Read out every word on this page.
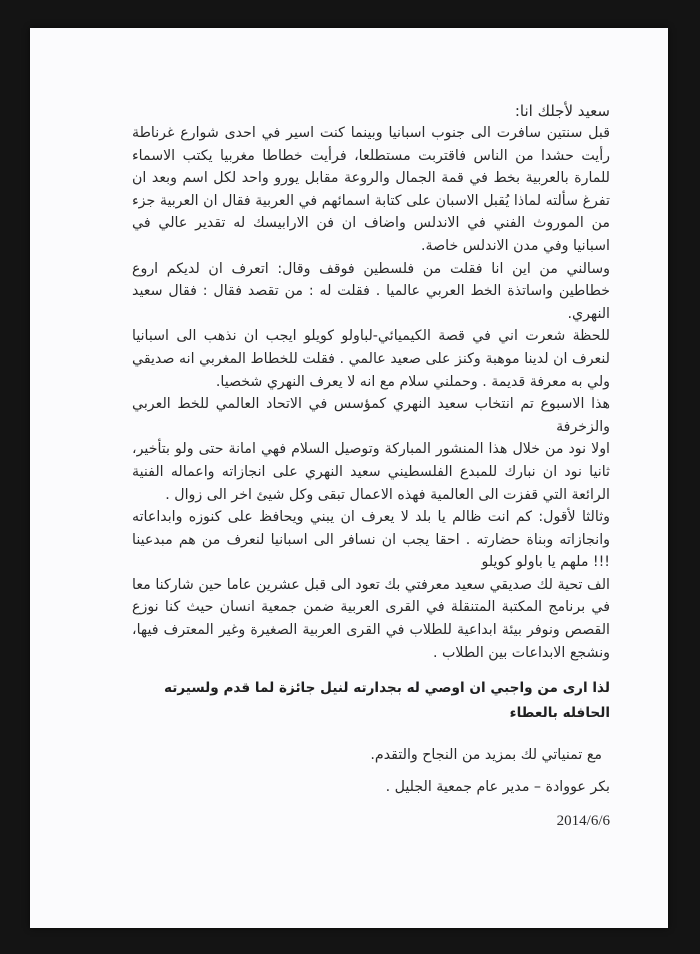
سعيد لأجلك انا:

قبل سنتين سافرت الى جنوب اسبانيا وبينما كنت اسير في احدى شوارع غرناطة رأيت حشدا من الناس فاقتربت مستطلعا، فرأيت خطاطا مغربيا يكتب الاسماء للمارة بالعربية بخط في قمة الجمال والروعة مقابل يورو واحد لكل اسم وبعد ان تفرغ سألته لماذا يُقبل الاسبان على كتابة اسمائهم في العربية فقال ان العربية جزء من الموروث الفني في الاندلس واضاف ان فن الارابيسك له تقدير عالي في اسبانيا وفي مدن الاندلس خاصة.

وسالني من اين انا فقلت من فلسطين فوقف وقال: اتعرف ان لديكم اروع خطاطين واساتذة الخط العربي عالميا . فقلت له : من تقصد فقال : فقال سعيد النهري.

للحظة شعرت اني في قصة الكيميائي-لباولو كويلو ايجب ان نذهب الى اسبانيا لنعرف ان لدينا موهبة وكنز على صعيد عالمي . فقلت للخطاط المغربي انه صديقي ولي به معرفة قديمة . وحملني سلام مع انه لا يعرف النهري شخصيا.

هذا الاسبوع تم انتخاب سعيد النهري كمؤسس في الاتحاد العالمي للخط العربي والزخرفة

اولا نود من خلال هذا المنشور المباركة وتوصيل السلام فهي امانة حتى ولو بتأخير، ثانيا نود ان نبارك للمبدع الفلسطيني سعيد النهري على انجازاته واعماله الفنية الرائعة التي قفزت الى العالمية فهذه الاعمال تبقى وكل شيئ اخر الى زوال .

وثالثا لأقول: كم انت ظالم يا بلد لا يعرف ان يبني ويحافظ على كنوزه وابداعاته وانجازاته وبناة حضارته . احقا يجب ان نسافر الى اسبانيا لنعرف من هم مبدعينا !!! ملهم يا باولو كويلو

الف تحية لك صديقي سعيد معرفتي بك تعود الى قبل عشرين عاما حين شاركنا معا في برنامج المكتبة المتنقلة في القرى العربية ضمن جمعية انسان حيث كنا نوزع القصص ونوفر بيئة ابداعية للطلاب في القرى العربية الصغيرة وغير المعترف فيها، ونشجع الابداعات بين الطلاب .

لذا ارى من واجبي ان اوصي له بجدارته لنيل جائزة لما قدم ولسيرته الحافله بالعطاء

مع تمنياتي لك بمزيد من النجاح والتقدم.

بكر عووادة – مدير عام جمعية الجليل .

2014/6/6
